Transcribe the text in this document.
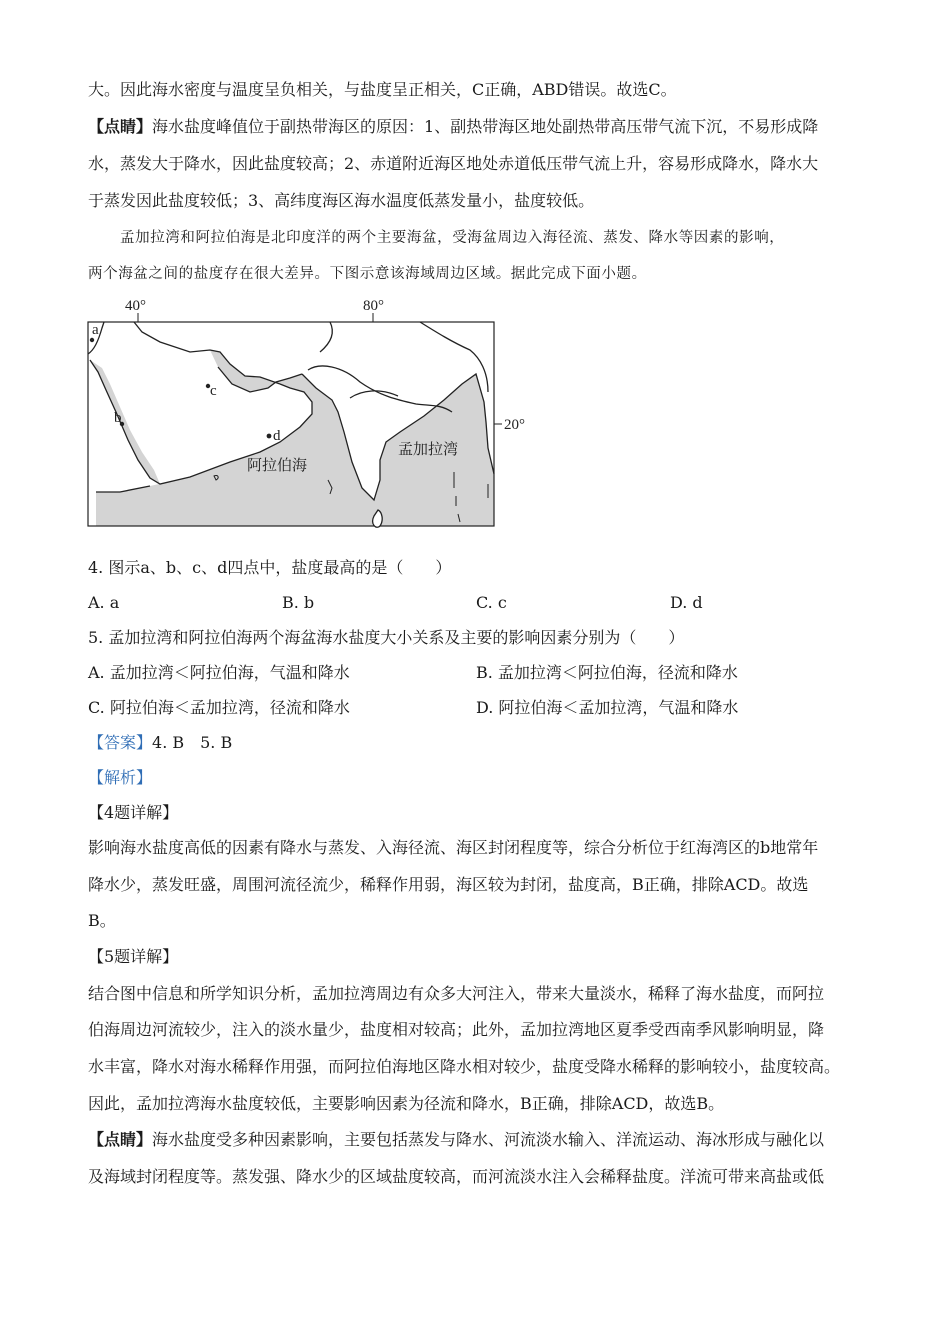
大。因此海水密度与温度呈负相关，与盐度呈正相关，C正确，ABD错误。故选C。
【点睛】海水盐度峰值位于副热带海区的原因：1、副热带海区地处副热带高压带气流下沉，不易形成降
水，蒸发大于降水，因此盐度较高；2、赤道附近海区地处赤道低压带气流上升，容易形成降水，降水大
于蒸发因此盐度较低；3、高纬度海区海水温度低蒸发量小，盐度较低。
孟加拉湾和阿拉伯海是北印度洋的两个主要海盆，受海盆周边入海径流、蒸发、降水等因素的影响，
两个海盆之间的盐度存在很大差异。下图示意该海域周边区域。据此完成下面小题。
40°	80°
20°
a
b
c
d
阿拉伯海
孟加拉湾
4. 图示a、b、c、d四点中，盐度最高的是（　　）
A. a	B. b	C. c	D. d
5. 孟加拉湾和阿拉伯海两个海盆海水盐度大小关系及主要的影响因素分别为（　　）
A. 孟加拉湾＜阿拉伯海，气温和降水	B. 孟加拉湾＜阿拉伯海，径流和降水
C. 阿拉伯海＜孟加拉湾，径流和降水	D. 阿拉伯海＜孟加拉湾，气温和降水
【答案】4. B　5. B
【解析】
【4题详解】
影响海水盐度高低的因素有降水与蒸发、入海径流、海区封闭程度等，综合分析位于红海湾区的b地常年
降水少，蒸发旺盛，周围河流径流少，稀释作用弱，海区较为封闭，盐度高，B正确，排除ACD。故选
B。
【5题详解】
结合图中信息和所学知识分析，孟加拉湾周边有众多大河注入，带来大量淡水，稀释了海水盐度，而阿拉
伯海周边河流较少，注入的淡水量少，盐度相对较高；此外，孟加拉湾地区夏季受西南季风影响明显，降
水丰富，降水对海水稀释作用强，而阿拉伯海地区降水相对较少，盐度受降水稀释的影响较小，盐度较高。
因此，孟加拉湾海水盐度较低，主要影响因素为径流和降水，B正确，排除ACD，故选B。
【点睛】海水盐度受多种因素影响，主要包括蒸发与降水、河流淡水输入、洋流运动、海冰形成与融化以
及海域封闭程度等。蒸发强、降水少的区域盐度较高，而河流淡水注入会稀释盐度。洋流可带来高盐或低
